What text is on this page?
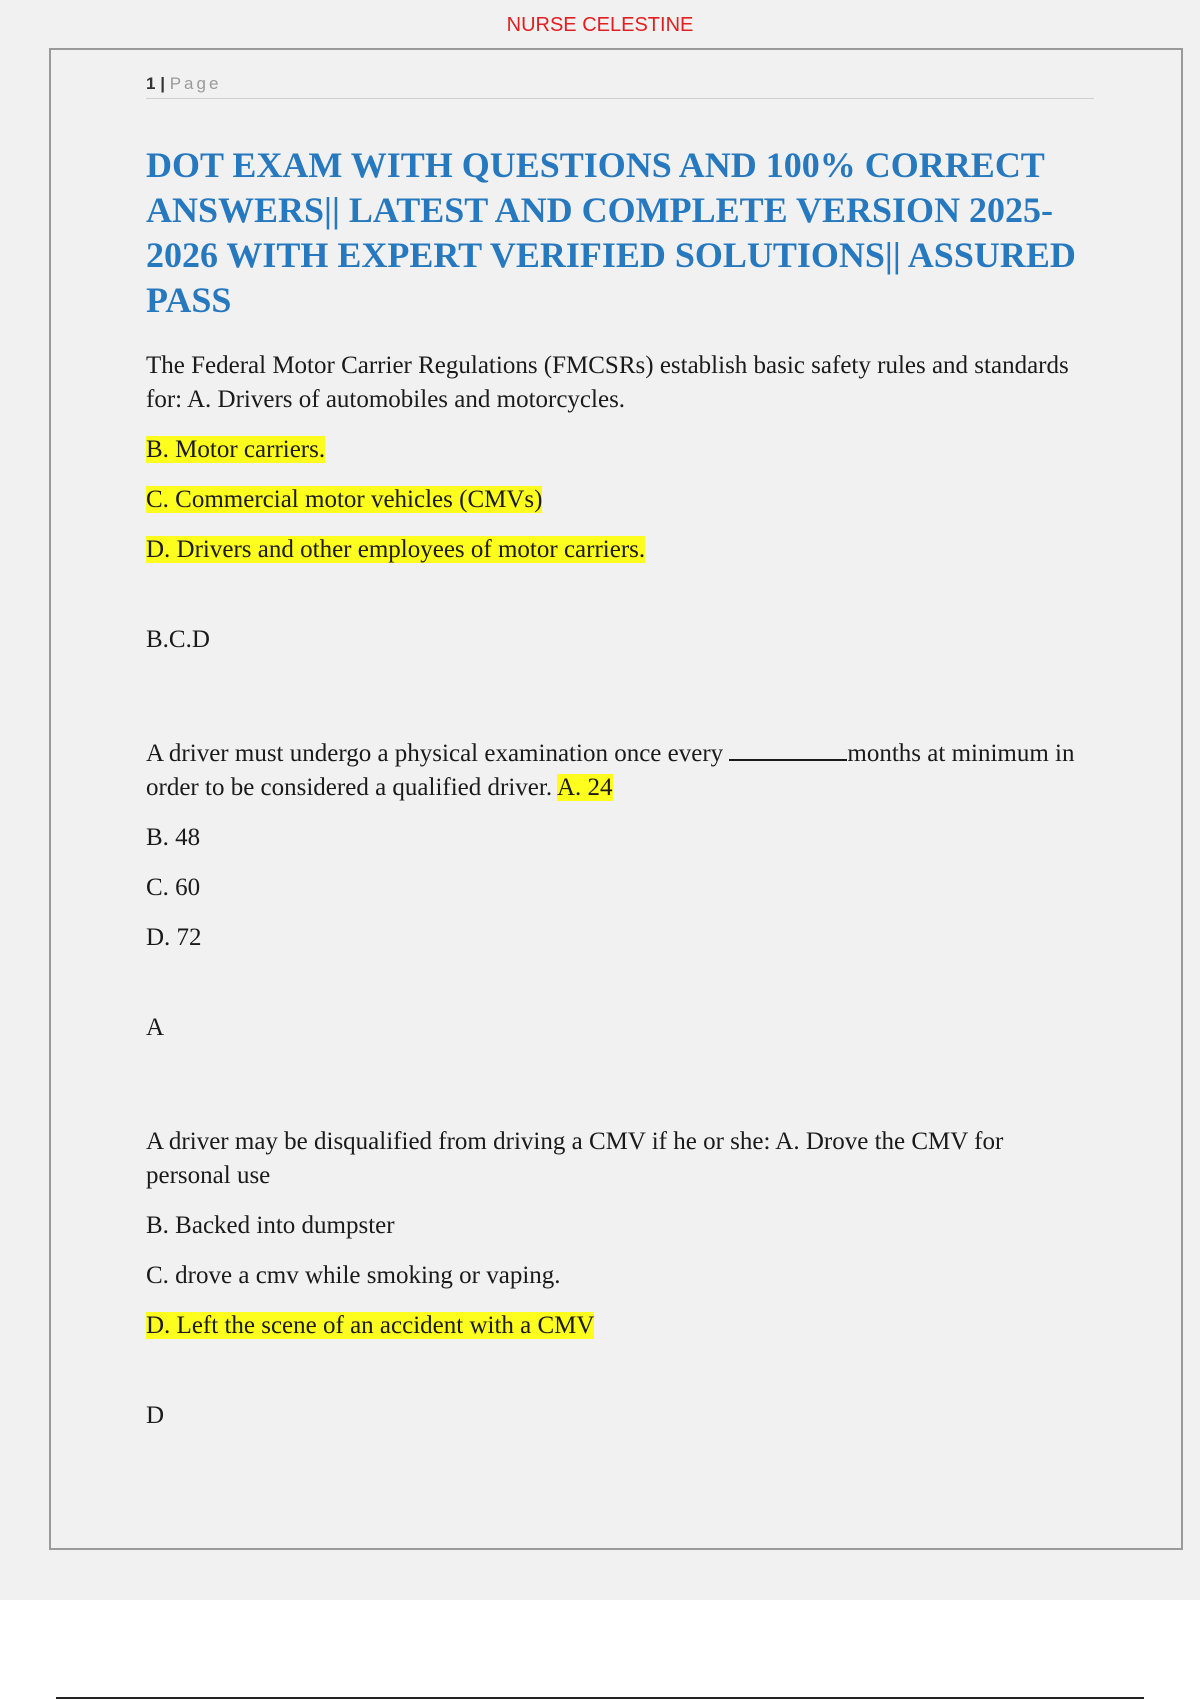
NURSE CELESTINE
1 | Page
DOT EXAM WITH QUESTIONS AND 100% CORRECT ANSWERS|| LATEST AND COMPLETE VERSION 2025-2026 WITH EXPERT VERIFIED SOLUTIONS|| ASSURED PASS

The Federal Motor Carrier Regulations (FMCSRs) establish basic safety rules and standards for: A. Drivers of automobiles and motorcycles.

B. Motor carriers.

C. Commercial motor vehicles (CMVs)

D. Drivers and other employees of motor carriers.

B.C.D

A driver must undergo a physical examination once every	months at minimum in order to be considered a qualified driver. A. 24

B. 48

C. 60

D. 72

A

A driver may be disqualified from driving a CMV if he or she: A. Drove the CMV for personal use

B. Backed into dumpster

C. drove a cmv while smoking or vaping.

D. Left the scene of an accident with a CMV

D
